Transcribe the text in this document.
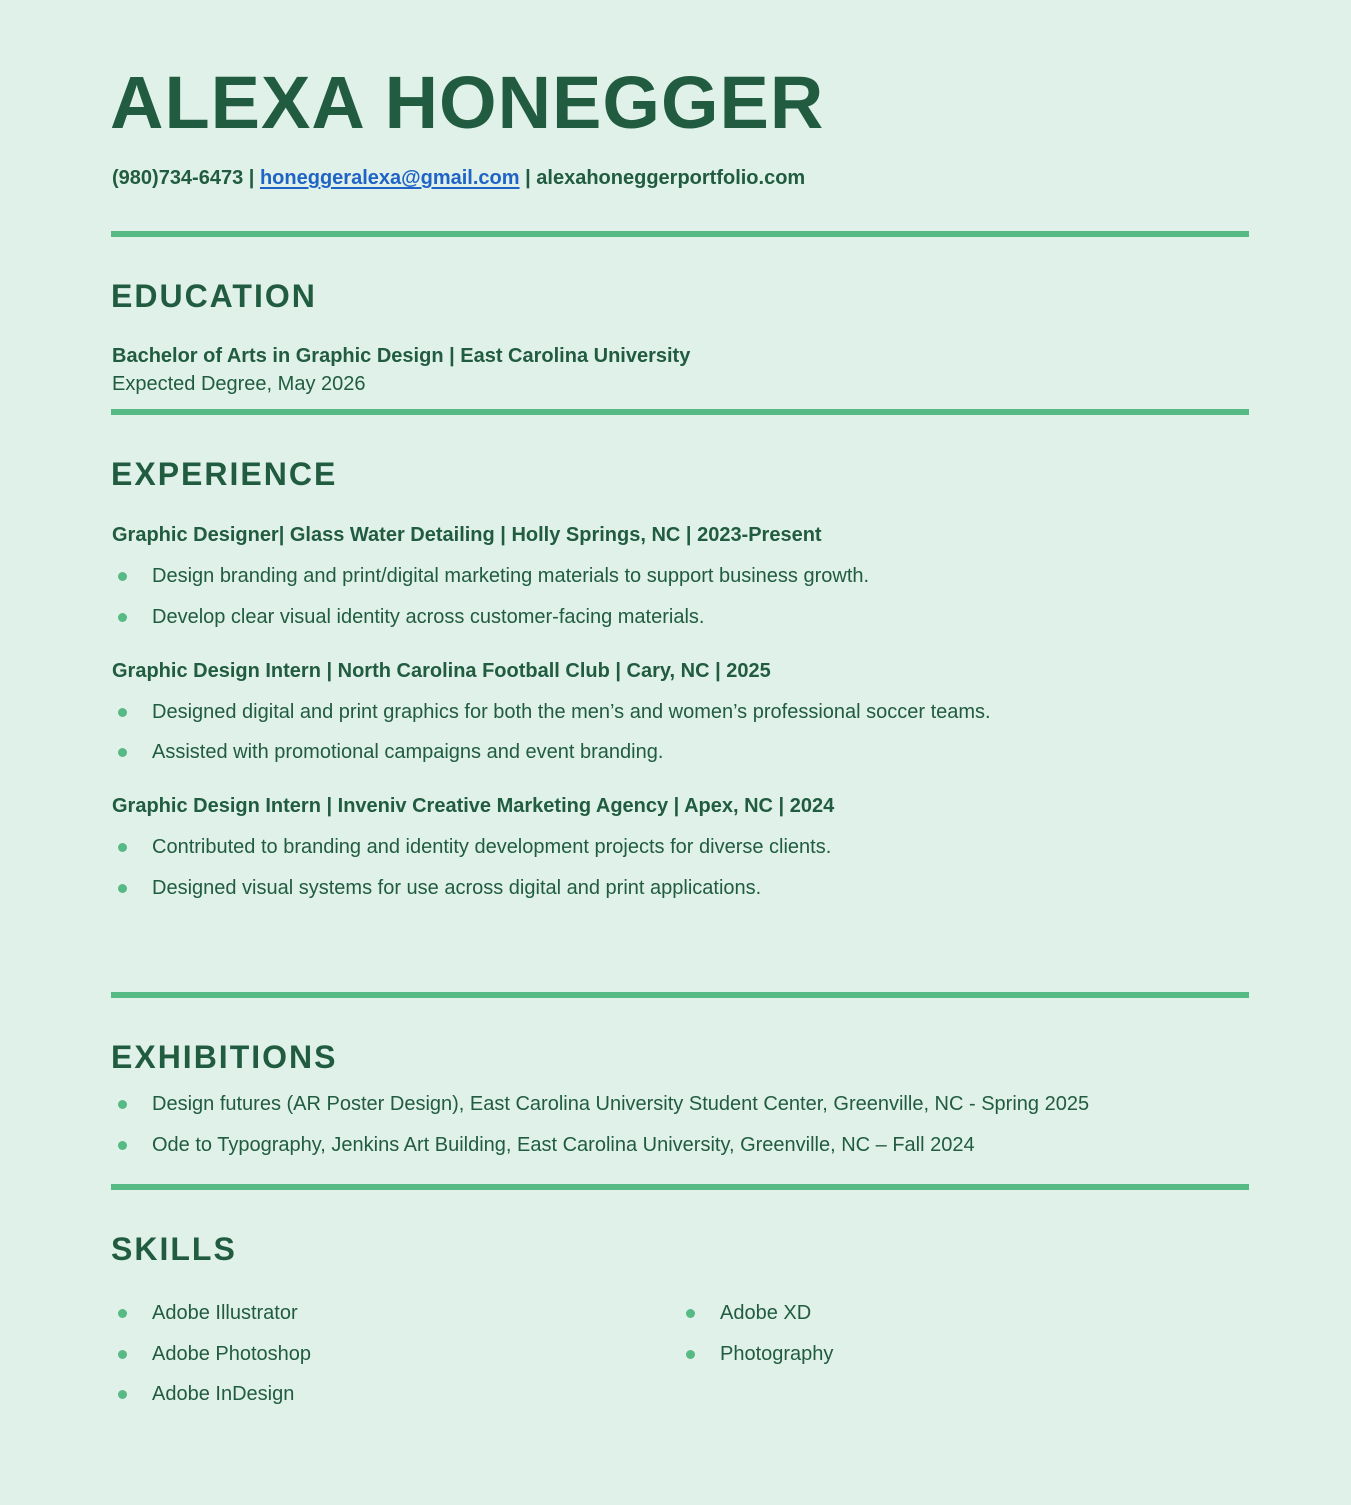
ALEXA HONEGGER
(980)734-6473 | honeggeralexa@gmail.com | alexahoneggerportfolio.com
EDUCATION
Bachelor of Arts in Graphic Design | East Carolina University
Expected Degree, May 2026
EXPERIENCE
Graphic Designer| Glass Water Detailing | Holly Springs, NC | 2023-Present
Design branding and print/digital marketing materials to support business growth.
Develop clear visual identity across customer-facing materials.
Graphic Design Intern | North Carolina Football Club | Cary, NC | 2025
Designed digital and print graphics for both the men’s and women’s professional soccer teams.
Assisted with promotional campaigns and event branding.
Graphic Design Intern | Inveniv Creative Marketing Agency | Apex, NC | 2024
Contributed to branding and identity development projects for diverse clients.
Designed visual systems for use across digital and print applications.
EXHIBITIONS
Design futures (AR Poster Design), East Carolina University Student Center, Greenville, NC - Spring 2025
Ode to Typography, Jenkins Art Building, East Carolina University, Greenville, NC – Fall 2024
SKILLS
Adobe Illustrator
Adobe Photoshop
Adobe InDesign
Adobe XD
Photography
